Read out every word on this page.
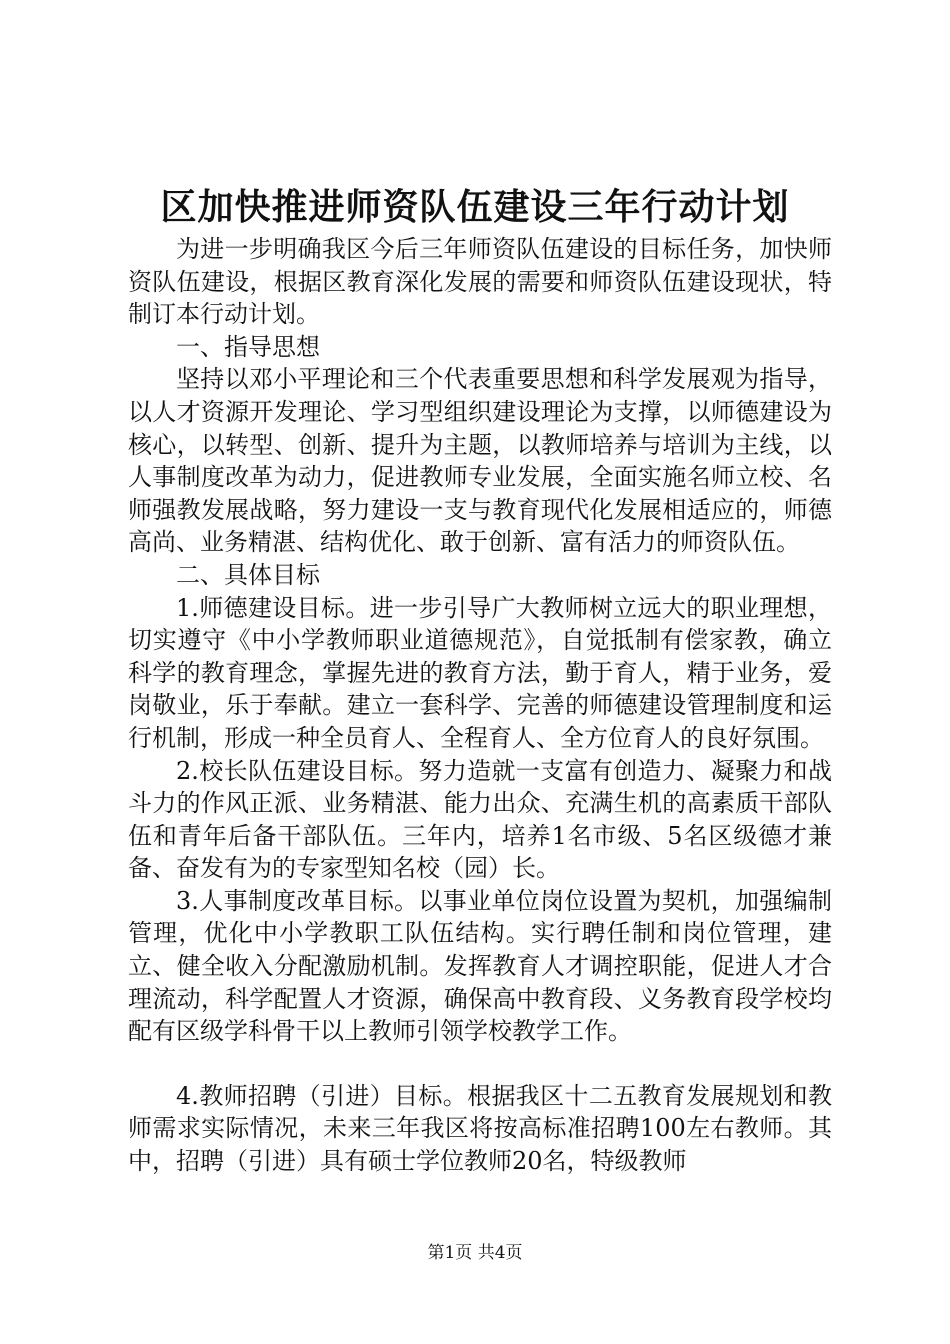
区加快推进师资队伍建设三年行动计划

为进一步明确我区今后三年师资队伍建设的目标任务，加快师资队伍建设，根据区教育深化发展的需要和师资队伍建设现状，特制订本行动计划。

一、指导思想

坚持以邓小平理论和三个代表重要思想和科学发展观为指导，以人才资源开发理论、学习型组织建设理论为支撑，以师德建设为核心，以转型、创新、提升为主题，以教师培养与培训为主线，以人事制度改革为动力，促进教师专业发展，全面实施名师立校、名师强教发展战略，努力建设一支与教育现代化发展相适应的，师德高尚、业务精湛、结构优化、敢于创新、富有活力的师资队伍。

二、具体目标

1.师德建设目标。进一步引导广大教师树立远大的职业理想，切实遵守《中小学教师职业道德规范》，自觉抵制有偿家教，确立科学的教育理念，掌握先进的教育方法，勤于育人，精于业务，爱岗敬业，乐于奉献。建立一套科学、完善的师德建设管理制度和运行机制，形成一种全员育人、全程育人、全方位育人的良好氛围。

2.校长队伍建设目标。努力造就一支富有创造力、凝聚力和战斗力的作风正派、业务精湛、能力出众、充满生机的高素质干部队伍和青年后备干部队伍。三年内，培养1名市级、5名区级德才兼备、奋发有为的专家型知名校（园）长。

3.人事制度改革目标。以事业单位岗位设置为契机，加强编制管理，优化中小学教职工队伍结构。实行聘任制和岗位管理，建立、健全收入分配激励机制。发挥教育人才调控职能，促进人才合理流动，科学配置人才资源，确保高中教育段、义务教育段学校均配有区级学科骨干以上教师引领学校教学工作。

4.教师招聘（引进）目标。根据我区十二五教育发展规划和教师需求实际情况，未来三年我区将按高标准招聘100左右教师。其中，招聘（引进）具有硕士学位教师20名，特级教师

第1页 共4页
